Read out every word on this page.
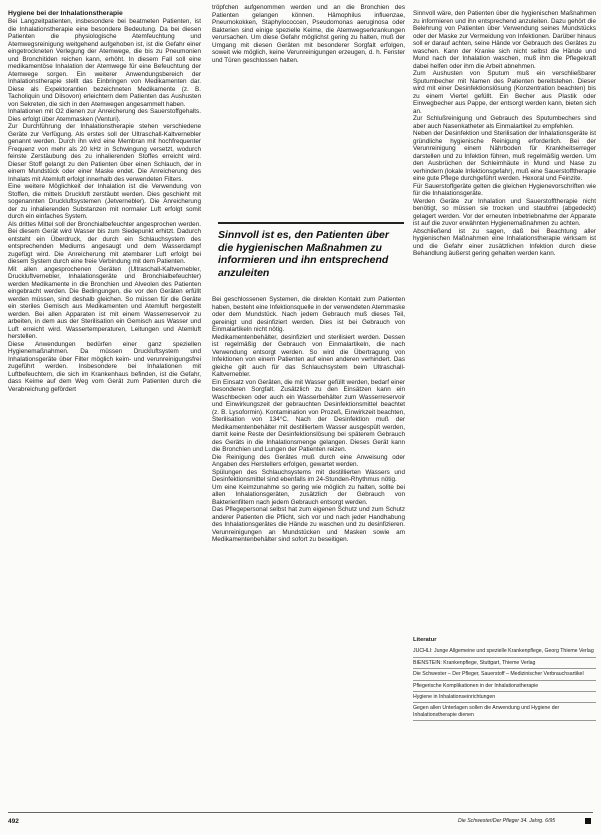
Hygiene bei der Inhalationstherapie

Bei Langzeitpatienten, insbesondere bei beatmeten Patienten, ist die Inhalationstherapie eine besondere Bedeutung. Da bei diesen Patienten die physiologische Atemfeuchtung und Atemwegsreinigung weitgehend aufgehoben ist, ist die Gefahr einer eingetrockneten Verlegung der Atemwege, die bis zu Pneumonien und Bronchitiden reichen kann, erhöht. In diesem Fall soll eine medikamentöse Inhalation der Atemwege für eine Befeuchtung der Atemwege sorgen. Ein weiterer Anwendungsbereich der Inhalationstherapie stellt das Einbringen von Medikamenten dar. Diese als Expektorantien bezeichneten Medikamente (z. B. Tacholiquin und Dilsovon) erleichtern dem Patienten das Aushusten von Sekreten, die sich in den Atemwegen angesammelt haben.

Inhalationen mit O2 dienen zur Anreicherung des Sauerstoffgehalts. Dies erfolgt über Atemmasken (Venturi).

Zur Durchführung der Inhalationstherapie stehen verschiedene Geräte zur Verfügung. Als erstes soll der Ultraschall-Kaltvernebler genannt werden. Durch ihn wird eine Membran mit hochfrequenter Frequenz von mehr als 20 kHz in Schwingung versetzt, wodurch feinste Zerstäubung des zu inhalierenden Stoffes erreicht wird. Dieser Stoff gelangt zu den Patienten über einen Schlauch, der in einem Mundstück oder einer Maske endet. Die Anreicherung des Inhalats mit Atemluft erfolgt innerhalb des verwendeten Filters.

Eine weitere Möglichkeit der Inhalation ist die Verwendung von Stoffen, die mittels Druckluft zerstäubt werden. Dies geschieht mit sogenannten Druckluftsystemen (Jetvernebler). Die Anreicherung der zu inhalierenden Substanzen mit normaler Luft erfolgt somit durch ein einfaches System.

Als drittes Mittel soll der Bronchialbefeuchter angesprochen werden. Bei diesem Gerät wird Wasser bis zum Siedepunkt erhitzt. Dadurch entsteht ein Überdruck, der durch ein Schlauchsystem des entsprechenden Mediums angesaugt und dem Wasserdampf zugefügt wird. Die Anreicherung mit atembarer Luft erfolgt bei diesem System durch eine freie Verbindung mit dem Patienten.

Mit allen angesprochenen Geräten (Ultraschall-Kaltvernebler, Druckluftvernebler, Inhalationsgeräte und Bronchialbefeuchter) werden Medikamente in die Bronchien und Alveolen des Patienten eingebracht werden. Die Bedingungen, die vor den Geräten erfüllt werden müssen, sind deshalb gleichen. So müssen für die Geräte ein steriles Gemisch aus Medikamenten und Atemluft hergestellt werden. Bei allen Apparaten ist mit einem Wasserreservoir zu arbeiten, in dem aus der Sterilisation ein Gemisch aus Wasser und Luft erreicht wird. Wassertemperaturen, Leitungen und Atemluft herstellen.

Diese Anwendungen bedürfen einer ganz speziellen Hygienemaßnahmen. Da müssen Druckluftsystem und Inhalationsgeräte über Filter möglich keim- und verunreinigungsfrei zugeführt werden. Insbesondere bei Inhalationen mit Luftbefeuchtern, die sich im Krankenhaus befinden, ist die Gefahr, dass Keime auf dem Weg vom Gerät zum Patienten durch die Verabreichung gefördert

tröpfchen aufgenommen werden und an die Bronchien des Patienten gelangen können. Hämophilus influenzae, Pneumokokken, Staphylococcen, Pseudomonas aeruginosa oder Bakterien sind einige spezielle Keime, die Atemwegserkrankungen verursachen. Um diese Gefahr möglichst gering zu halten, muß der Umgang mit diesen Geräten mit besonderer Sorgfalt erfolgen, soweit wie möglich, keine Verunreinigungen erzeugen, d. h. Fenster und Türen geschlossen halten.

Sinnvoll ist es, den Patienten über die hygienischen Maßnahmen zu informieren und ihn entsprechend anzuleiten

Bei geschlossenen Systemen, die direkten Kontakt zum Patienten haben, besteht eine Infektionsquelle in der verwendeten Atemmaske oder dem Mundstück. Nach jedem Gebrauch muß dieses Teil, gereinigt und desinfiziert werden. Dies ist bei Gebrauch von Einmalartikeln nicht nötig.

Medikamentenbehälter, desinfiziert und sterilisiert werden. Dessen ist regelmäßig der Gebrauch von Einmalartikeln, die nach Verwendung entsorgt werden. So wird die Übertragung von Infektionen von einem Patienten auf einen anderen verhindert. Das gleiche gilt auch für das Schlauchsystem beim Ultraschall-Kaltvernebler.

Ein Einsatz von Geräten, die mit Wasser gefüllt werden, bedarf einer besonderen Sorgfalt. Zusätzlich zu den Einsätzen kann ein Waschbecken oder auch ein Wasserbehälter zum Wasserreservoir und Einwirkungszeit der gebrauchten Desinfektionsmittel beachtet (z. B. Lysoformin). Kontamination von Prozeß, Einwirkzeit beachten, Sterilisation von 134°C. Nach der Desinfektion muß der Medikamentenbehälter mit destilliertem Wasser ausgespült werden, damit keine Reste der Desinfektionslösung bei späterem Gebrauch des Geräts in die Inhalationsmenge gelangen. Dieses Gerät kann die Bronchien und Lungen der Patienten reizen.

Die Reinigung des Gerätes muß durch eine Anweisung oder Angaben des Herstellers erfolgen, gewartet werden.

Spülungen des Schlauchsystems mit destillierten Wassers und Desinfektionsmittel sind ebenfalls im 24-Stunden-Rhythmus nötig.

Um eine Keimzunahme so gering wie möglich zu halten, sollte bei allen Inhalationsgeräten, zusätzlich der Gebrauch von Bakterienfiltern nach jedem Gebrauch entsorgt werden.

Das Pflegepersonal selbst hat zum eigenen Schutz und zum Schutz anderer Patienten die Pflicht, sich vor und nach jeder Handhabung des Inhalationsgerätes die Hände zu waschen und zu desinfizieren. Verunreinigungen an Mundstücken und Masken sowie am Medikamentenbehälter sind sofort zu beseitigen.

Sinnvoll wäre, den Patienten über die hygienischen Maßnahmen zu informieren und ihn entsprechend anzuleiten. Dazu gehört die Belehrung von Patienten über Verwendung seines Mundstücks oder der Maske zur Vermeidung von Infektionen. Darüber hinaus soll er darauf achten, seine Hände vor Gebrauch des Gerätes zu waschen. Kann der Kranke sich nicht selbst die Hände und Mund nach der Inhalation waschen, muß ihm die Pflegekraft dabei helfen oder ihm die Arbeit abnehmen.

Zum Aushusten von Sputum muß ein verschließbarer Sputumbecher mit Namen des Patienten bereitstehen. Dieser wird mit einer Desinfektionslösung (Konzentration beachten) bis zu einem Viertel gefüllt. Ein Becher aus Plastik oder Einwegbecher aus Pappe, der entsorgt werden kann, bieten sich an.

Zur Schlußreinigung und Gebrauch des Sputumbechers sind aber auch Nasenkatheter als Einmalartikel zu empfehlen.

Neben der Desinfektion und Sterilisation der Inhalationsgeräte ist gründliche hygienische Reinigung erforderlich. Bei der Verunreinigung einem Nährboden für Krankheitserreger darstellen und zu Infektion führen, muß regelmäßig werden. Um den Ausbrüchen der Schleimhäute in Mund und Nase zu verhindern (lokale Infektionsgefahr), muß eine Sauerstofftherapie eine gute Pflege durchgeführt werden. Hexoral und Feinzite.

Für Sauerstoffgeräte gelten die gleichen Hygienevorschriften wie für die Inhalationsgeräte.

Werden Geräte zur Inhalation und Sauerstofftherapie nicht benötigt, so müssen sie trocken und staubfrei (abgedeckt) gelagert werden. Vor der erneuten Inbetriebnahme der Apparate ist auf die zuvor erwähnten Hygienemaßnahmen zu achten.

Abschließend ist zu sagen, daß bei Beachtung aller hygienischen Maßnahmen eine Inhalationstherapie wirksam ist und die Gefahr einer zusätzlichen Infektion durch diese Behandlung äußerst gering gehalten werden kann.

Literatur
JUCHLI: Junge Allgemeine und spezielle Krankenpflege, Georg Thieme Verlag
BIENSTEIN: Krankenpflege, Stuttgart, Thieme Verlag
Die Schwester – Der Pfleger, Sauerstoff – Medizinischer Verbrauchsartikel
Pflegerische Komplikationen in der Inhalationstherapie
Hygiene in Inhalationseinrichtungen
Gegen allen Unterlagen sollen die Anwendung und Hygiene der Inhalationstherapie dienen
492	Die Schwester/Der Pfleger 34. Jahrg. 6/95
